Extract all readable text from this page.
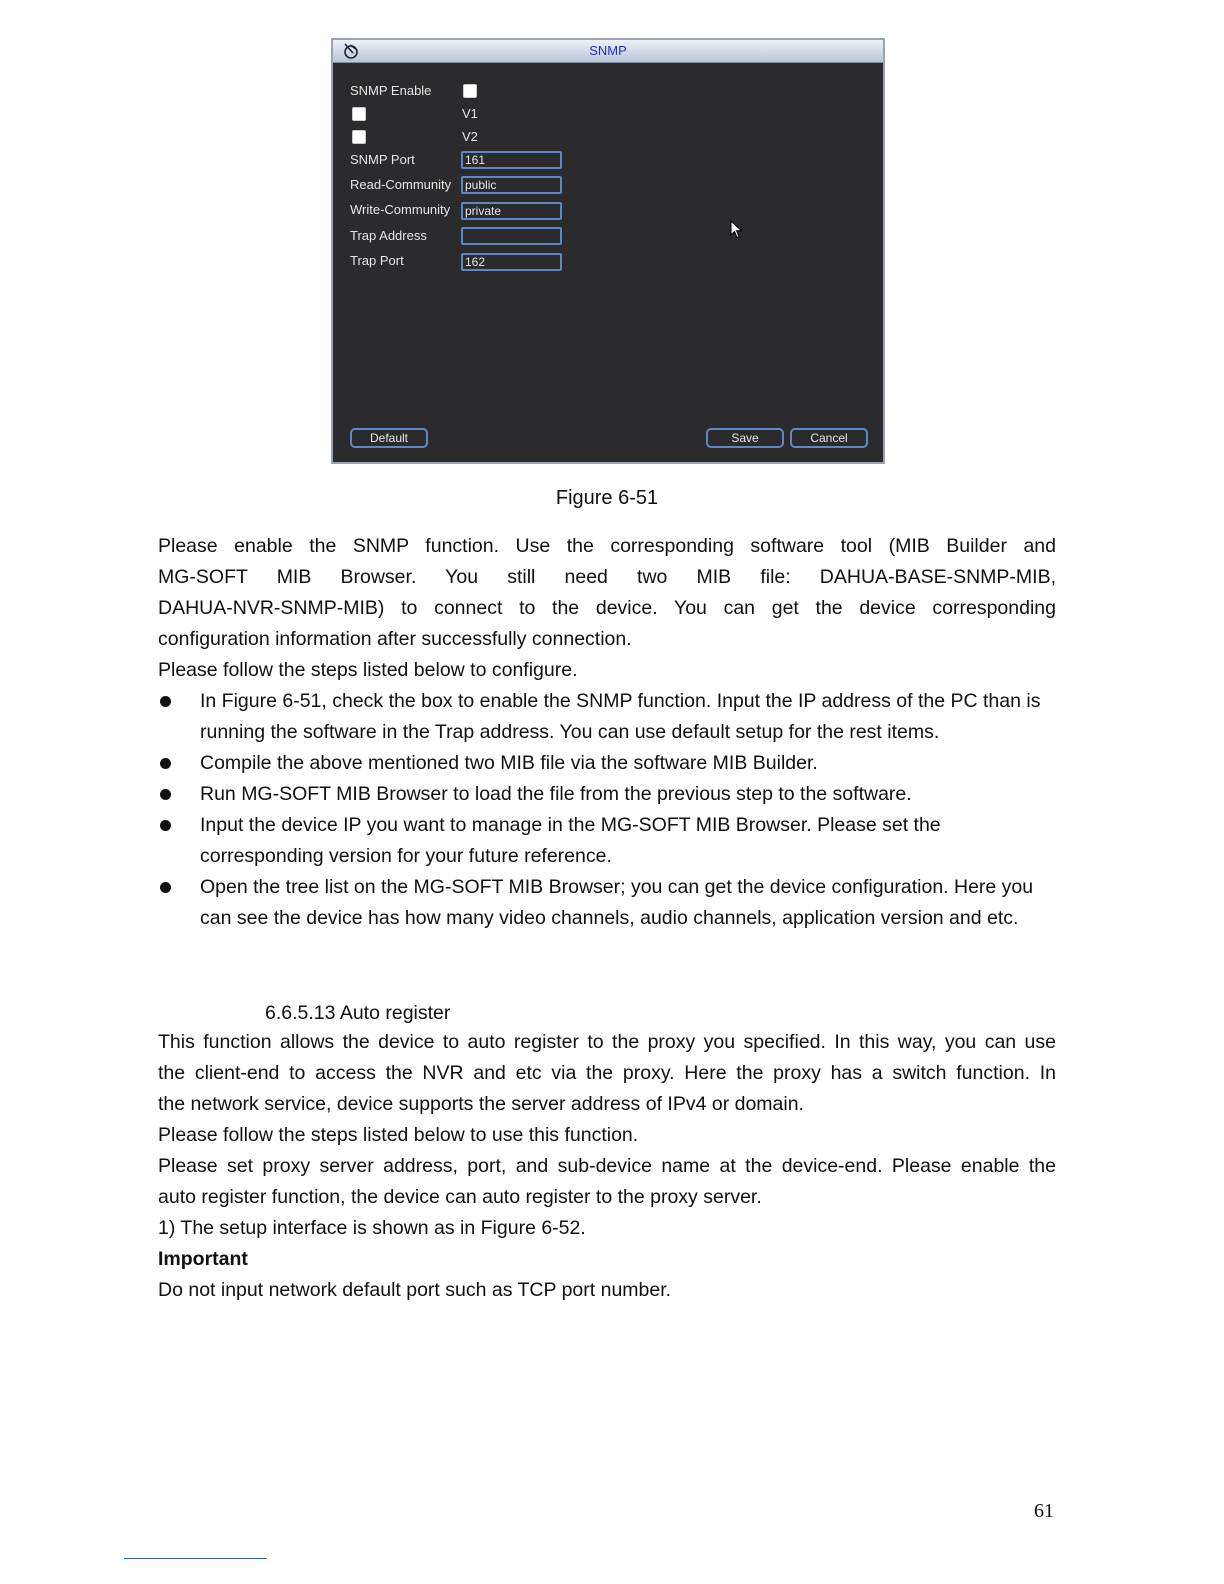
SNMP
SNMP Enable
V1
V2
SNMP Port	161
Read-Community	public
Write-Community	private
Trap Address
Trap Port	162
Default	Save	Cancel
Figure 6-51
Please enable the SNMP function. Use the corresponding software tool (MIB Builder and
MG-SOFT MIB Browser. You still need two MIB file: DAHUA-BASE-SNMP-MIB,
DAHUA-NVR-SNMP-MIB) to connect to the device. You can get the device corresponding
configuration information after successfully connection.
Please follow the steps listed below to configure.
In Figure 6-51, check the box to enable the SNMP function. Input the IP address of the PC than is running the software in the Trap address. You can use default setup for the rest items.
Compile the above mentioned two MIB file via the software MIB Builder.
Run MG-SOFT MIB Browser to load the file from the previous step to the software.
Input the device IP you want to manage in the MG-SOFT MIB Browser. Please set the corresponding version for your future reference.
Open the tree list on the MG-SOFT MIB Browser; you can get the device configuration. Here you can see the device has how many video channels, audio channels, application version and etc.
6.6.5.13 Auto register
This function allows the device to auto register to the proxy you specified. In this way, you can use
the client-end to access the NVR and etc via the proxy. Here the proxy has a switch function. In
the network service, device supports the server address of IPv4 or domain.
Please follow the steps listed below to use this function.
Please set proxy server address, port, and sub-device name at the device-end. Please enable the
auto register function, the device can auto register to the proxy server.
1) The setup interface is shown as in Figure 6-52.
Important
Do not input network default port such as TCP port number.
61
